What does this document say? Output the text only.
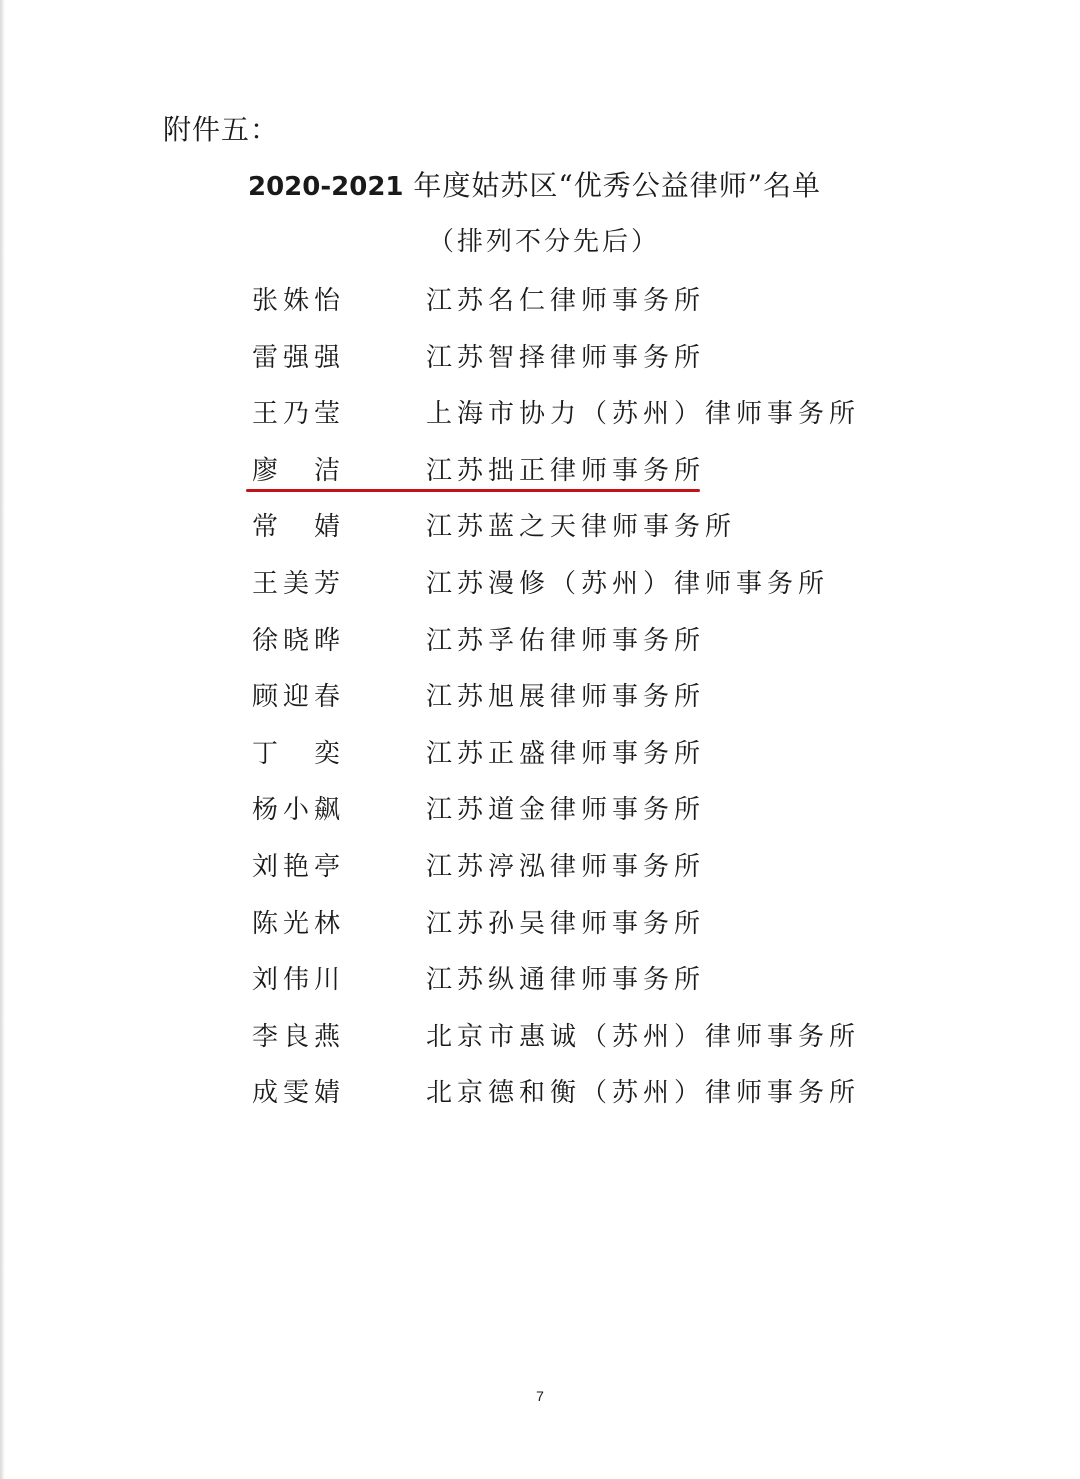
附件五：
2020-2021 年度姑苏区“优秀公益律师”名单
（排列不分先后）
张姝怡	江苏名仁律师事务所
雷强强	江苏智择律师事务所
王乃莹	上海市协力（苏州）律师事务所
廖　洁	江苏拙正律师事务所
常　婧	江苏蓝之天律师事务所
王美芳	江苏漫修（苏州）律师事务所
徐晓晔	江苏孚佑律师事务所
顾迎春	江苏旭展律师事务所
丁　奕	江苏正盛律师事务所
杨小飙	江苏道金律师事务所
刘艳亭	江苏渟泓律师事务所
陈光林	江苏孙吴律师事务所
刘伟川	江苏纵通律师事务所
李良燕	北京市惠诚（苏州）律师事务所
成雯婧	北京德和衡（苏州）律师事务所
7
